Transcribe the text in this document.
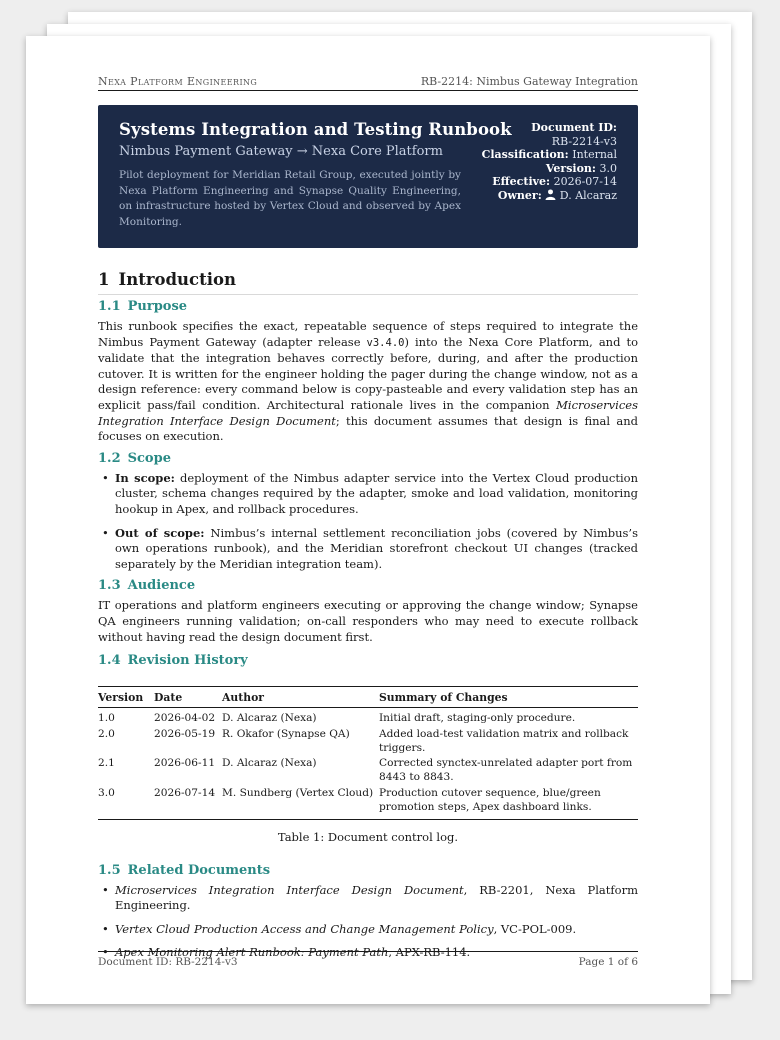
Nexa Platform Engineering	RB-2214: Nimbus Gateway Integration
Systems Integration and Testing Runbook
Nimbus Payment Gateway → Nexa Core Platform
Pilot deployment for Meridian Retail Group, executed jointly by Nexa Platform Engineering and Synapse Quality Engineering, on infrastructure hosted by Vertex Cloud and observed by Apex Monitoring.
Document ID:
RB-2214-v3
Classification: Internal
Version: 3.0
Effective: 2026-07-14
Owner: D. Alcaraz
1 Introduction
1.1 Purpose

This runbook specifies the exact, repeatable sequence of steps required to integrate the Nimbus Payment Gateway (adapter release v3.4.0) into the Nexa Core Platform, and to validate that the integration behaves correctly before, during, and after the production cutover. It is written for the engineer holding the pager during the change window, not as a design reference: every command below is copy-pasteable and every validation step has an explicit pass/fail condition. Architectural rationale lives in the companion Microservices Integration Interface Design Document; this document assumes that design is final and focuses on execution.

1.2 Scope
• In scope: deployment of the Nimbus adapter service into the Vertex Cloud production cluster, schema changes required by the adapter, smoke and load validation, monitoring hookup in Apex, and rollback procedures.
• Out of scope: Nimbus’s internal settlement reconciliation jobs (covered by Nimbus’s own operations runbook), and the Meridian storefront checkout UI changes (tracked separately by the Meridian integration team).
1.3 Audience

IT operations and platform engineers executing or approving the change window; Synapse QA engineers running validation; on-call responders who may need to execute rollback without having read the design document first.

1.4 Revision History
Version	Date	Author	Summary of Changes
1.0	2026-04-02	D. Alcaraz (Nexa)	Initial draft, staging-only procedure.
2.0	2026-05-19	R. Okafor (Synapse QA)	Added load-test validation matrix and rollback triggers.
2.1	2026-06-11	D. Alcaraz (Nexa)	Corrected synctex-unrelated adapter port from 8443 to 8843.
3.0	2026-07-14	M. Sundberg (Vertex Cloud)	Production cutover sequence, blue/green promotion steps, Apex dashboard links.
Table 1: Document control log.
1.5 Related Documents
• Microservices Integration Interface Design Document, RB-2201, Nexa Platform Engineering.
• Vertex Cloud Production Access and Change Management Policy, VC-POL-009.
• Apex Monitoring Alert Runbook: Payment Path, APX-RB-114.
Document ID: RB-2214-v3	Page 1 of 6
